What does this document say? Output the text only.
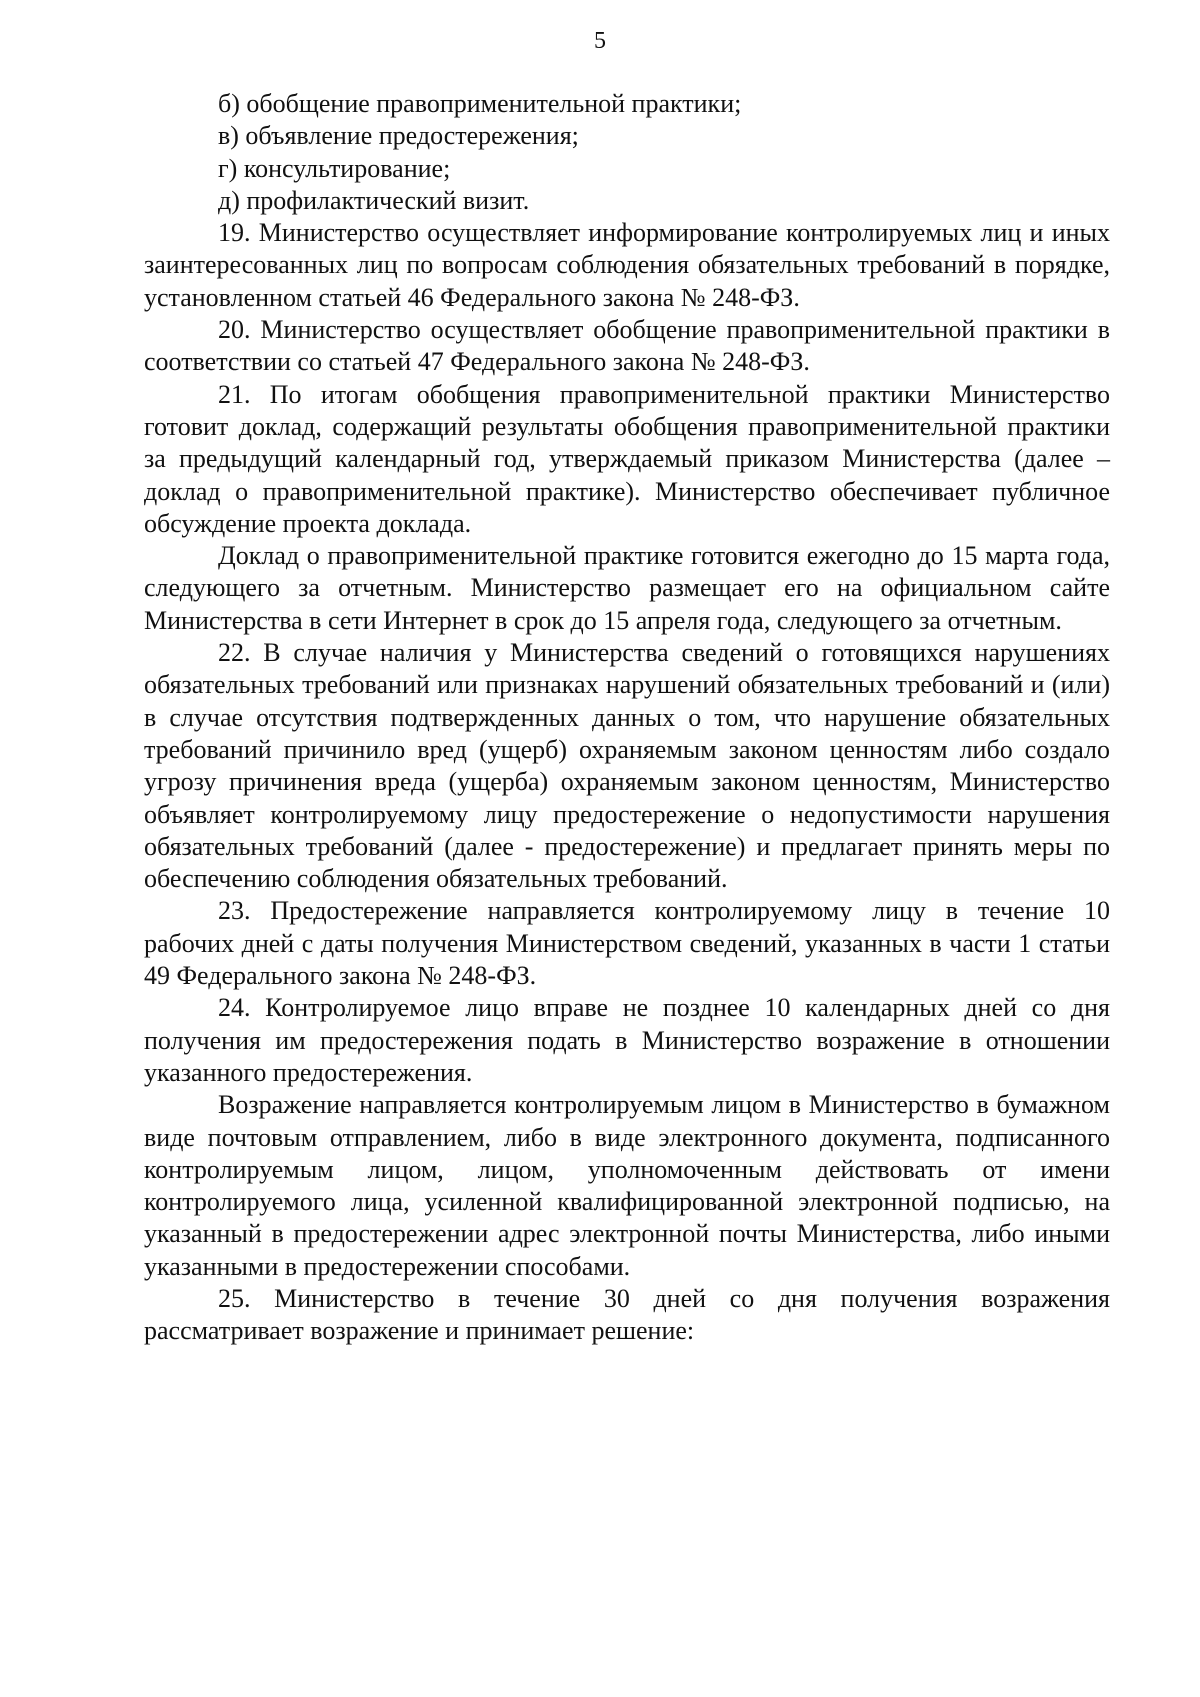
5

б) обобщение правоприменительной практики;

в) объявление предостережения;

г) консультирование;

д) профилактический визит.

19. Министерство осуществляет информирование контролируемых лиц и иных заинтересованных лиц по вопросам соблюдения обязательных требований в порядке, установленном статьей 46 Федерального закона № 248-ФЗ.

20. Министерство осуществляет обобщение правоприменительной практики в соответствии со статьей 47 Федерального закона № 248-ФЗ.

21. По итогам обобщения правоприменительной практики Министерство готовит доклад, содержащий результаты обобщения правоприменительной практики за предыдущий календарный год, утверждаемый приказом Министерства (далее – доклад о правоприменительной практике). Министерство обеспечивает публичное обсуждение проекта доклада.

Доклад о правоприменительной практике готовится ежегодно до 15 марта года, следующего за отчетным. Министерство размещает его на официальном сайте Министерства в сети Интернет в срок до 15 апреля года, следующего за отчетным.

22. В случае наличия у Министерства сведений о готовящихся нарушениях обязательных требований или признаках нарушений обязательных требований и (или) в случае отсутствия подтвержденных данных о том, что нарушение обязательных требований причинило вред (ущерб) охраняемым законом ценностям либо создало угрозу причинения вреда (ущерба) охраняемым законом ценностям, Министерство объявляет контролируемому лицу предостережение о недопустимости нарушения обязательных требований (далее - предостережение) и предлагает принять меры по обеспечению соблюдения обязательных требований.

23. Предостережение направляется контролируемому лицу в течение 10 рабочих дней с даты получения Министерством сведений, указанных в части 1 статьи 49 Федерального закона № 248-ФЗ.

24. Контролируемое лицо вправе не позднее 10 календарных дней со дня получения им предостережения подать в Министерство возражение в отношении указанного предостережения.

Возражение направляется контролируемым лицом в Министерство в бумажном виде почтовым отправлением, либо в виде электронного документа, подписанного контролируемым лицом, лицом, уполномоченным действовать от имени контролируемого лица, усиленной квалифицированной электронной подписью, на указанный в предостережении адрес электронной почты Министерства, либо иными указанными в предостережении способами.

25. Министерство в течение 30 дней со дня получения возражения рассматривает возражение и принимает решение:
